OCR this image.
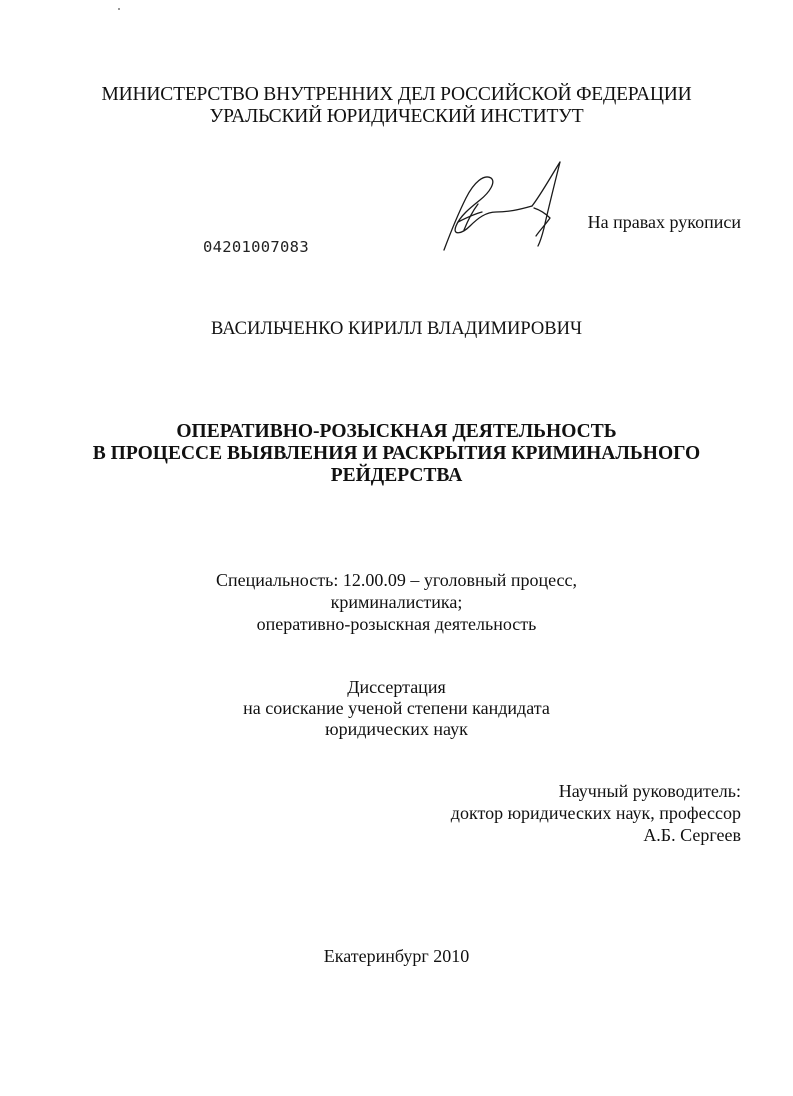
МИНИСТЕРСТВО ВНУТРЕННИХ ДЕЛ РОССИЙСКОЙ ФЕДЕРАЦИИ
УРАЛЬСКИЙ ЮРИДИЧЕСКИЙ ИНСТИТУТ
На правах рукописи
04201007083
ВАСИЛЬЧЕНКО КИРИЛЛ ВЛАДИМИРОВИЧ
ОПЕРАТИВНО-РОЗЫСКНАЯ ДЕЯТЕЛЬНОСТЬ
В ПРОЦЕССЕ ВЫЯВЛЕНИЯ И РАСКРЫТИЯ КРИМИНАЛЬНОГО
РЕЙДЕРСТВА
Специальность: 12.00.09 – уголовный процесс,
криминалистика;
оперативно-розыскная деятельность
Диссертация
на соискание ученой степени кандидата
юридических наук
Научный руководитель:
доктор юридических наук, профессор
А.Б. Сергеев
Екатеринбург 2010
